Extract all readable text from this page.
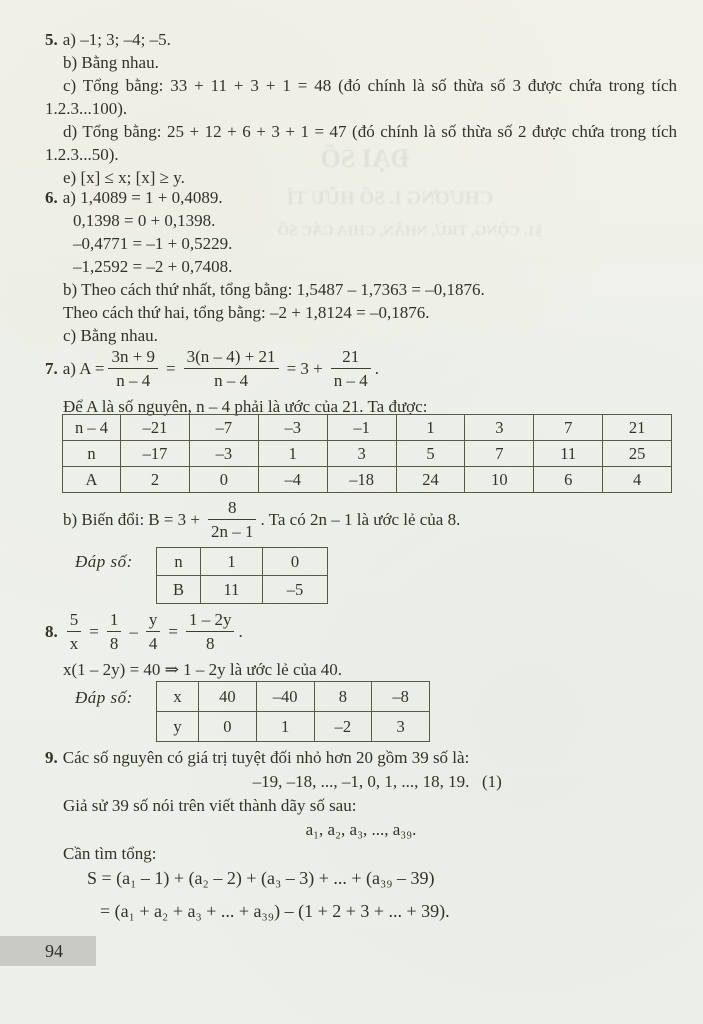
ĐẠI SỐ
CHƯƠNG I. SỐ HỮU TỈ
§1. CỘNG, TRỪ, NHÂN, CHIA CÁC SỐ
5. a) –1; 3; –4; –5.
b) Bằng nhau.
c) Tổng bằng: 33 + 11 + 3 + 1 = 48 (đó chính là số thừa số 3 được chứa trong tích
1.2.3...100).
d) Tổng bằng: 25 + 12 + 6 + 3 + 1 = 47 (đó chính là số thừa số 2 được chứa trong tích
1.2.3...50).
e) [x] ≤ x; [x] ≥ y.
6. a) 1,4089 = 1 + 0,4089.
0,1398 = 0 + 0,1398.
–0,4771 = –1 + 0,5229.
–1,2592 = –2 + 0,7408.
b) Theo cách thứ nhất, tổng bằng: 1,5487 – 1,7363 = –0,1876.
Theo cách thứ hai, tổng bằng: –2 + 1,8124 = –0,1876.
c) Bằng nhau.
7. a) $A = \frac{3n + 9}{n - 4} = \frac{3(n - 4) + 21}{n - 4} = 3 + \frac{21}{n - 4}$ .
Để A là số nguyên, n – 4 phải là ước của 21. Ta được:
n – 4	–21	–7	–3	–1	1	3	7	21
n	–17	–3	1	3	5	7	11	25
A	2	0	–4	–18	24	10	6	4
b) Biến đổi: $B = 3 + \frac{8}{2n - 1}$ . Ta có 2n – 1 là ước lẻ của 8.
Đáp số:	n	1	0
B	11	–5
8. $\frac{5}{x} = \frac{1}{8} - \frac{y}{4} = \frac{1 - 2y}{8}$ .
x(1 – 2y) = 40 ⇒ 1 – 2y là ước lẻ của 40.
Đáp số: x	40	–40	8	–8
y	0	1	–2	3
9. Các số nguyên có giá trị tuyệt đối nhỏ hơn 20 gồm 39 số là:
–19, –18, ..., –1, 0, 1, ..., 18, 19. (1)
Giả sử 39 số nói trên viết thành dãy số sau:
a₁, a₂, a₃, ..., a₃₉.
Cần tìm tổng:
S = (a₁ – 1) + (a₂ – 2) + (a₃ – 3) + ... + (a₃₉ – 39)
= (a₁ + a₂ + a₃ + ... + a₃₉) – (1 + 2 + 3 + ... + 39).
94
